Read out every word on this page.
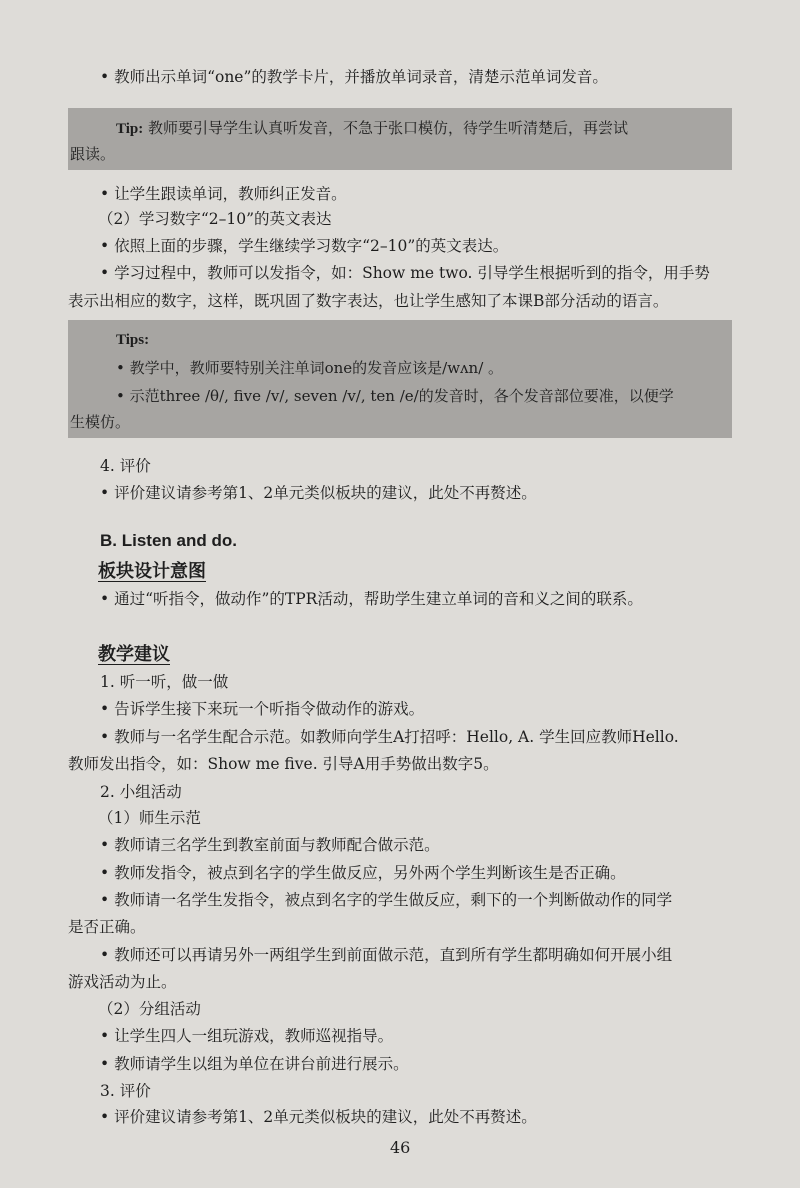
• 教师出示单词“one”的教学卡片，并播放单词录音，清楚示范单词发音。
Tip: 教师要引导学生认真听发音，不急于张口模仿，待学生听清楚后，再尝试
跟读。
• 让学生跟读单词，教师纠正发音。
（2）学习数字“2–10”的英文表达
• 依照上面的步骤，学生继续学习数字“2–10”的英文表达。
• 学习过程中，教师可以发指令，如：Show me two. 引导学生根据听到的指令，用手势
表示出相应的数字，这样，既巩固了数字表达，也让学生感知了本课B部分活动的语言。
Tips:
• 教学中，教师要特别关注单词one的发音应该是/wʌn/ 。
• 示范three /θ/, five /v/, seven /v/, ten /e/的发音时，各个发音部位要准，以便学
生模仿。
4. 评价
• 评价建议请参考第1、2单元类似板块的建议，此处不再赘述。
B. Listen and do.
板块设计意图
• 通过“听指令，做动作”的TPR活动，帮助学生建立单词的音和义之间的联系。
教学建议
1. 听一听，做一做
• 告诉学生接下来玩一个听指令做动作的游戏。
• 教师与一名学生配合示范。如教师向学生A打招呼：Hello, A. 学生回应教师Hello.
教师发出指令，如：Show me five. 引导A用手势做出数字5。
2. 小组活动
（1）师生示范
• 教师请三名学生到教室前面与教师配合做示范。
• 教师发指令，被点到名字的学生做反应，另外两个学生判断该生是否正确。
• 教师请一名学生发指令，被点到名字的学生做反应，剩下的一个判断做动作的同学
是否正确。
• 教师还可以再请另外一两组学生到前面做示范，直到所有学生都明确如何开展小组
游戏活动为止。
（2）分组活动
• 让学生四人一组玩游戏，教师巡视指导。
• 教师请学生以组为单位在讲台前进行展示。
3. 评价
• 评价建议请参考第1、2单元类似板块的建议，此处不再赘述。
46
